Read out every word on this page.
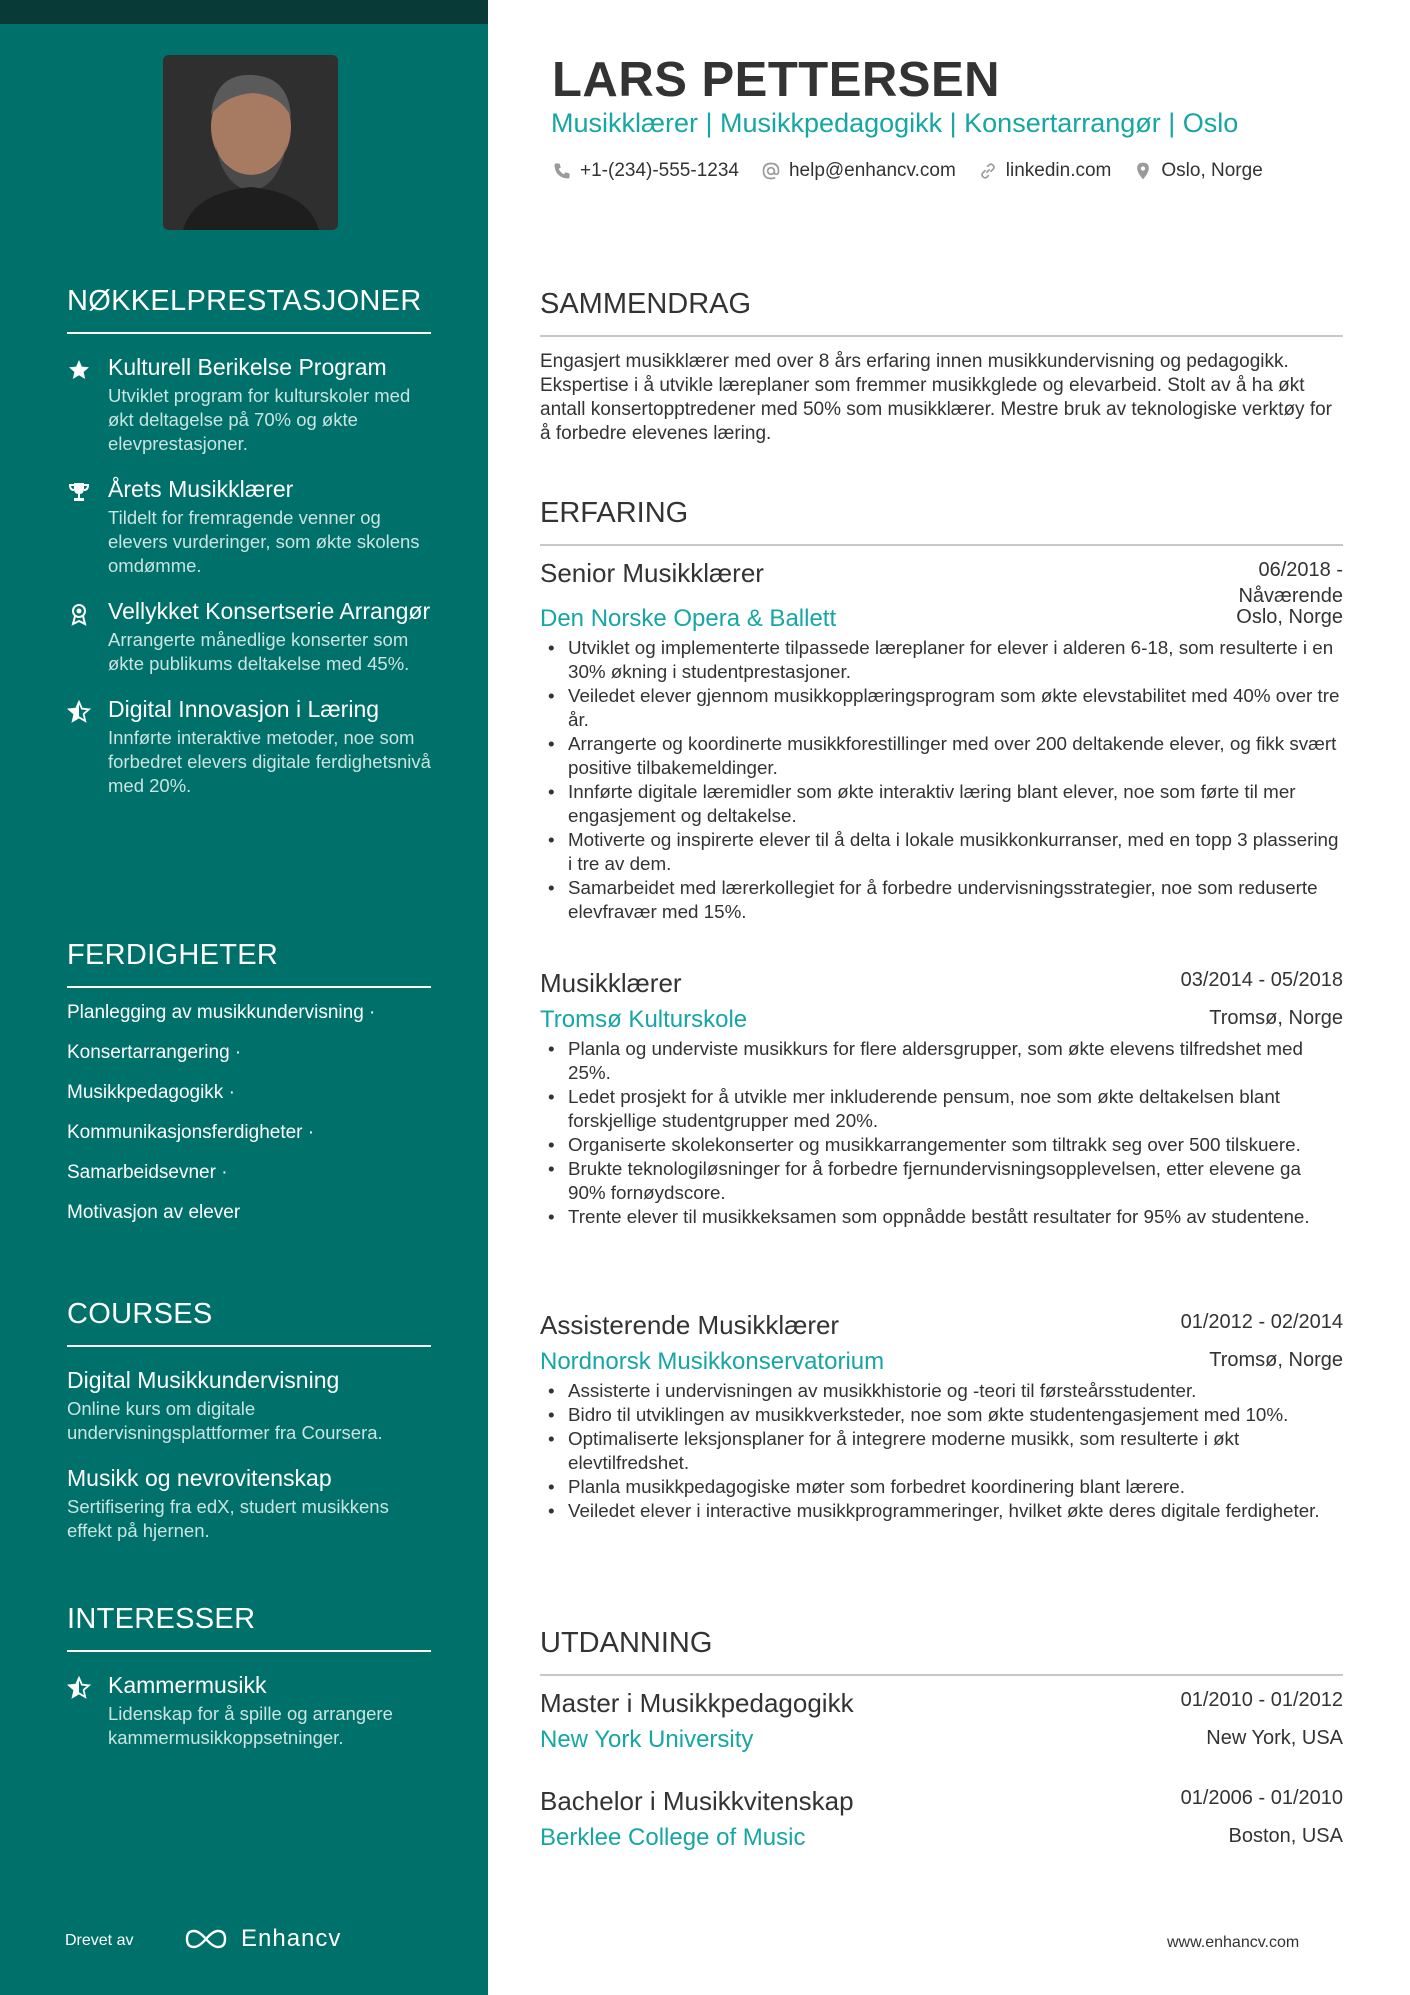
NØKKELPRESTASJONER
Kulturell Berikelse Program
Utviklet program for kulturskoler med økt deltagelse på 70% og økte elevprestasjoner.
Årets Musikklærer
Tildelt for fremragende venner og elevers vurderinger, som økte skolens omdømme.
Vellykket Konsertserie Arrangør
Arrangerte månedlige konserter som økte publikums deltakelse med 45%.
Digital Innovasjon i Læring
Innførte interaktive metoder, noe som forbedret elevers digitale ferdighetsnivå med 20%.
FERDIGHETER
Planlegging av musikkundervisning ·
Konsertarrangering ·
Musikkpedagogikk ·
Kommunikasjonsferdigheter ·
Samarbeidsevner ·
Motivasjon av elever
COURSES
Digital Musikkundervisning
Online kurs om digitale undervisningsplattformer fra Coursera.
Musikk og nevrovitenskap
Sertifisering fra edX, studert musikkens effekt på hjernen.
INTERESSER
Kammermusikk
Lidenskap for å spille og arrangere kammermusikkoppsetninger.
Drevet av	Enhancv
LARS PETTERSEN
Musikklærer | Musikkpedagogikk | Konsertarrangør | Oslo
+1-(234)-555-1234	help@enhancv.com	linkedin.com	Oslo, Norge
SAMMENDRAG
Engasjert musikklærer med over 8 års erfaring innen musikkundervisning og pedagogikk. Ekspertise i å utvikle læreplaner som fremmer musikkglede og elevarbeid. Stolt av å ha økt antall konsertopptredener med 50% som musikklærer. Mestre bruk av teknologiske verktøy for å forbedre elevenes læring.
ERFARING
Senior Musikklærer	06/2018 -
Nåværende
Den Norske Opera & Ballett	Oslo, Norge
• Utviklet og implementerte tilpassede læreplaner for elever i alderen 6-18, som resulterte i en 30% økning i studentprestasjoner.
• Veiledet elever gjennom musikkopplæringsprogram som økte elevstabilitet med 40% over tre år.
• Arrangerte og koordinerte musikkforestillinger med over 200 deltakende elever, og fikk svært positive tilbakemeldinger.
• Innførte digitale læremidler som økte interaktiv læring blant elever, noe som førte til mer engasjement og deltakelse.
• Motiverte og inspirerte elever til å delta i lokale musikkonkurranser, med en topp 3 plassering i tre av dem.
• Samarbeidet med lærerkollegiet for å forbedre undervisningsstrategier, noe som reduserte elevfravær med 15%.
Musikklærer	03/2014 - 05/2018
Tromsø Kulturskole	Tromsø, Norge
• Planla og underviste musikkurs for flere aldersgrupper, som økte elevens tilfredshet med 25%.
• Ledet prosjekt for å utvikle mer inkluderende pensum, noe som økte deltakelsen blant forskjellige studentgrupper med 20%.
• Organiserte skolekonserter og musikkarrangementer som tiltrakk seg over 500 tilskuere.
• Brukte teknologiløsninger for å forbedre fjernundervisningsopplevelsen, etter elevene ga 90% fornøydscore.
• Trente elever til musikkeksamen som oppnådde bestått resultater for 95% av studentene.
Assisterende Musikklærer	01/2012 - 02/2014
Nordnorsk Musikkonservatorium	Tromsø, Norge
• Assisterte i undervisningen av musikkhistorie og -teori til førsteårsstudenter.
• Bidro til utviklingen av musikkverksteder, noe som økte studentengasjement med 10%.
• Optimaliserte leksjonsplaner for å integrere moderne musikk, som resulterte i økt elevtilfredshet.
• Planla musikkpedagogiske møter som forbedret koordinering blant lærere.
• Veiledet elever i interactive musikkprogrammeringer, hvilket økte deres digitale ferdigheter.
UTDANNING
Master i Musikkpedagogikk	01/2010 - 01/2012
New York University	New York, USA
Bachelor i Musikkvitenskap	01/2006 - 01/2010
Berklee College of Music	Boston, USA
www.enhancv.com
